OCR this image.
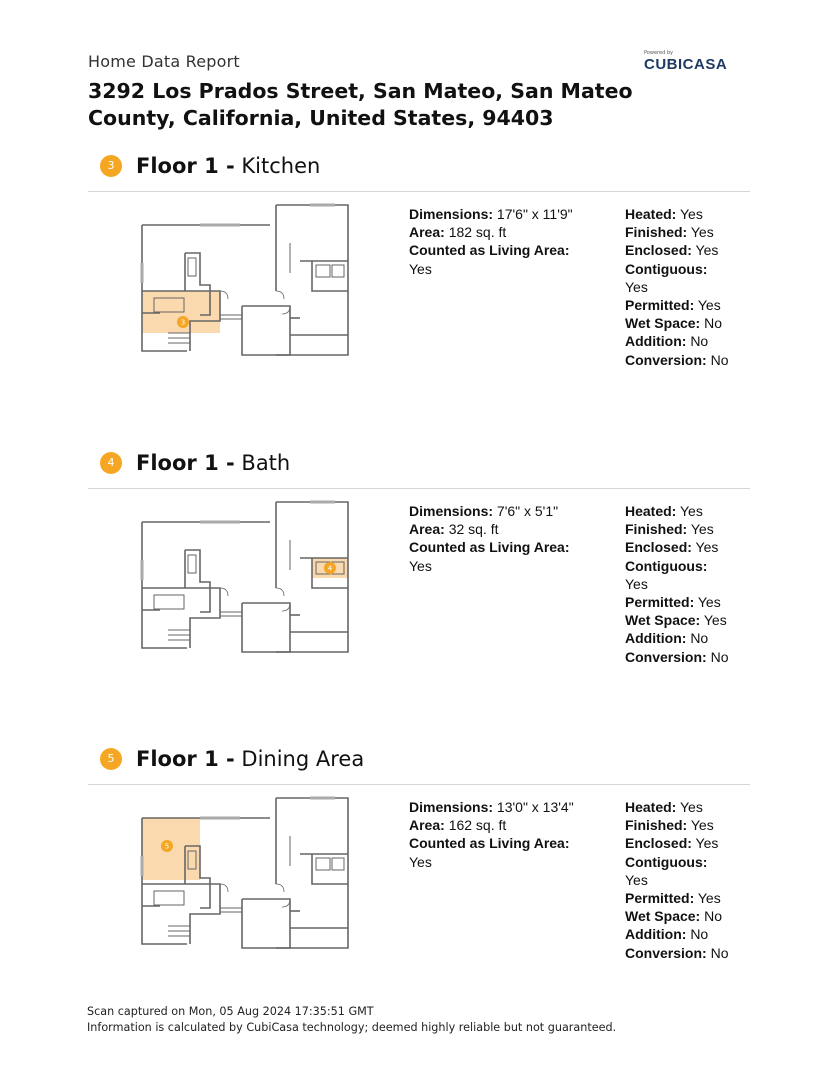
Home Data Report	Powered by
CUBICASA
3292 Los Prados Street, San Mateo, San Mateo County, California, United States, 94403
3	Floor 1 - Kitchen
3
Dimensions: 17'6" x 11'9"
Area: 182 sq. ft
Counted as Living Area:
Yes
Heated: Yes
Finished: Yes
Enclosed: Yes
Contiguous:
Yes
Permitted: Yes
Wet Space: No
Addition: No
Conversion: No
4	Floor 1 - Bath
4
Dimensions: 7'6" x 5'1"
Area: 32 sq. ft
Counted as Living Area:
Yes
Heated: Yes
Finished: Yes
Enclosed: Yes
Contiguous:
Yes
Permitted: Yes
Wet Space: Yes
Addition: No
Conversion: No
5	Floor 1 - Dining Area
5
Dimensions: 13'0" x 13'4"
Area: 162 sq. ft
Counted as Living Area:
Yes
Heated: Yes
Finished: Yes
Enclosed: Yes
Contiguous:
Yes
Permitted: Yes
Wet Space: No
Addition: No
Conversion: No
Scan captured on Mon, 05 Aug 2024 17:35:51 GMT
Information is calculated by CubiCasa technology; deemed highly reliable but not guaranteed.
